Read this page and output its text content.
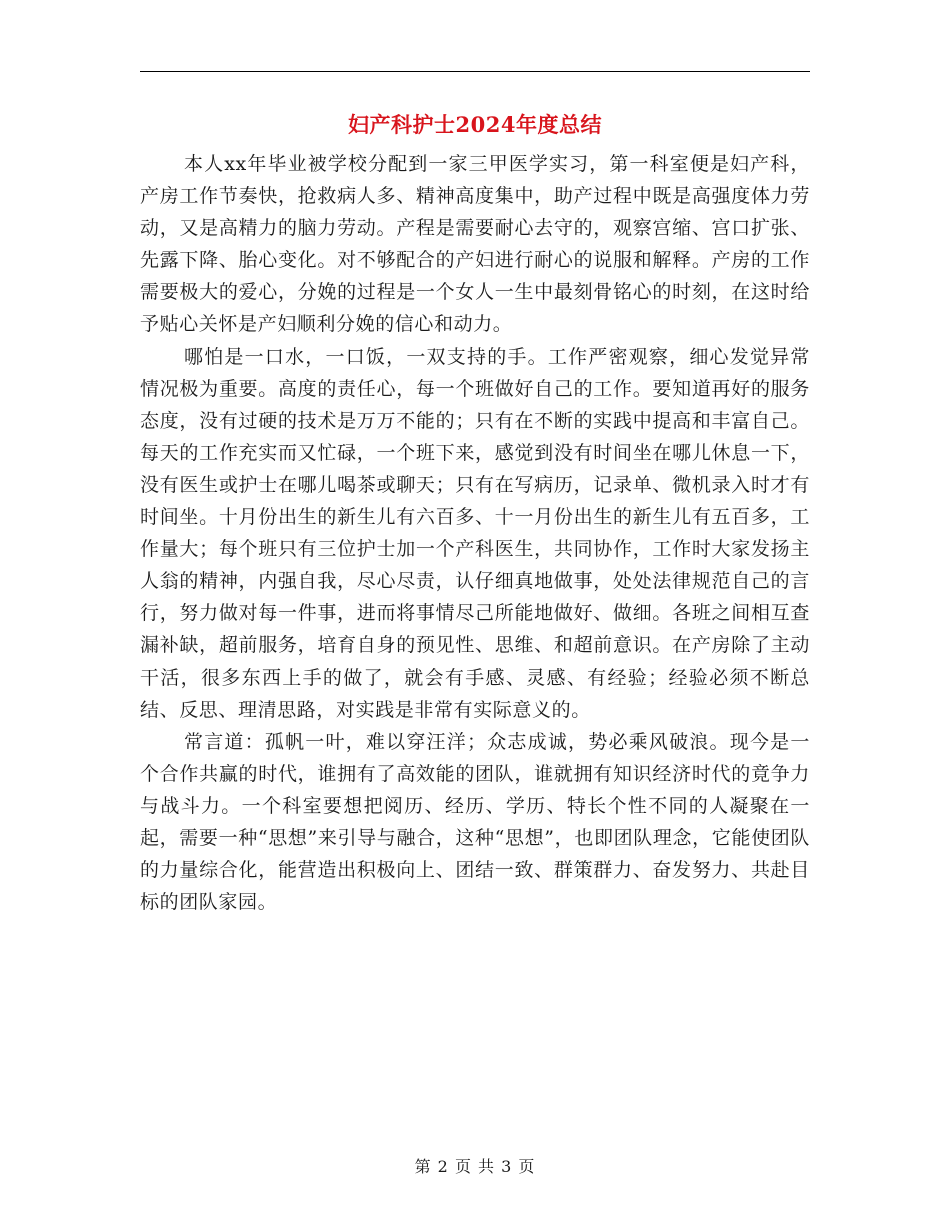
妇产科护士2024年度总结

本人xx年毕业被学校分配到一家三甲医学实习，第一科室便是妇产科，产房工作节奏快，抢救病人多、精神高度集中，助产过程中既是高强度体力劳动，又是高精力的脑力劳动。产程是需要耐心去守的，观察宫缩、宫口扩张、先露下降、胎心变化。对不够配合的产妇进行耐心的说服和解释。产房的工作需要极大的爱心，分娩的过程是一个女人一生中最刻骨铭心的时刻，在这时给予贴心关怀是产妇顺利分娩的信心和动力。

哪怕是一口水，一口饭，一双支持的手。工作严密观察，细心发觉异常情况极为重要。高度的责任心，每一个班做好自己的工作。要知道再好的服务态度，没有过硬的技术是万万不能的；只有在不断的实践中提高和丰富自己。每天的工作充实而又忙碌，一个班下来，感觉到没有时间坐在哪儿休息一下，没有医生或护士在哪儿喝茶或聊天；只有在写病历，记录单、微机录入时才有时间坐。十月份出生的新生儿有六百多、十一月份出生的新生儿有五百多，工作量大；每个班只有三位护士加一个产科医生，共同协作，工作时大家发扬主人翁的精神，内强自我，尽心尽责，认仔细真地做事，处处法律规范自己的言行，努力做对每一件事，进而将事情尽己所能地做好、做细。各班之间相互查漏补缺，超前服务，培育自身的预见性、思维、和超前意识。在产房除了主动干活，很多东西上手的做了，就会有手感、灵感、有经验；经验必须不断总结、反思、理清思路，对实践是非常有实际意义的。

常言道：孤帆一叶，难以穿汪洋；众志成诚，势必乘风破浪。现今是一个合作共赢的时代，谁拥有了高效能的团队，谁就拥有知识经济时代的竟争力与战斗力。一个科室要想把阅历、经历、学历、特长个性不同的人凝聚在一起，需要一种“思想”来引导与融合，这种“思想”，也即团队理念，它能使团队的力量综合化，能营造出积极向上、团结一致、群策群力、奋发努力、共赴目标的团队家园。

第 2 页 共 3 页
